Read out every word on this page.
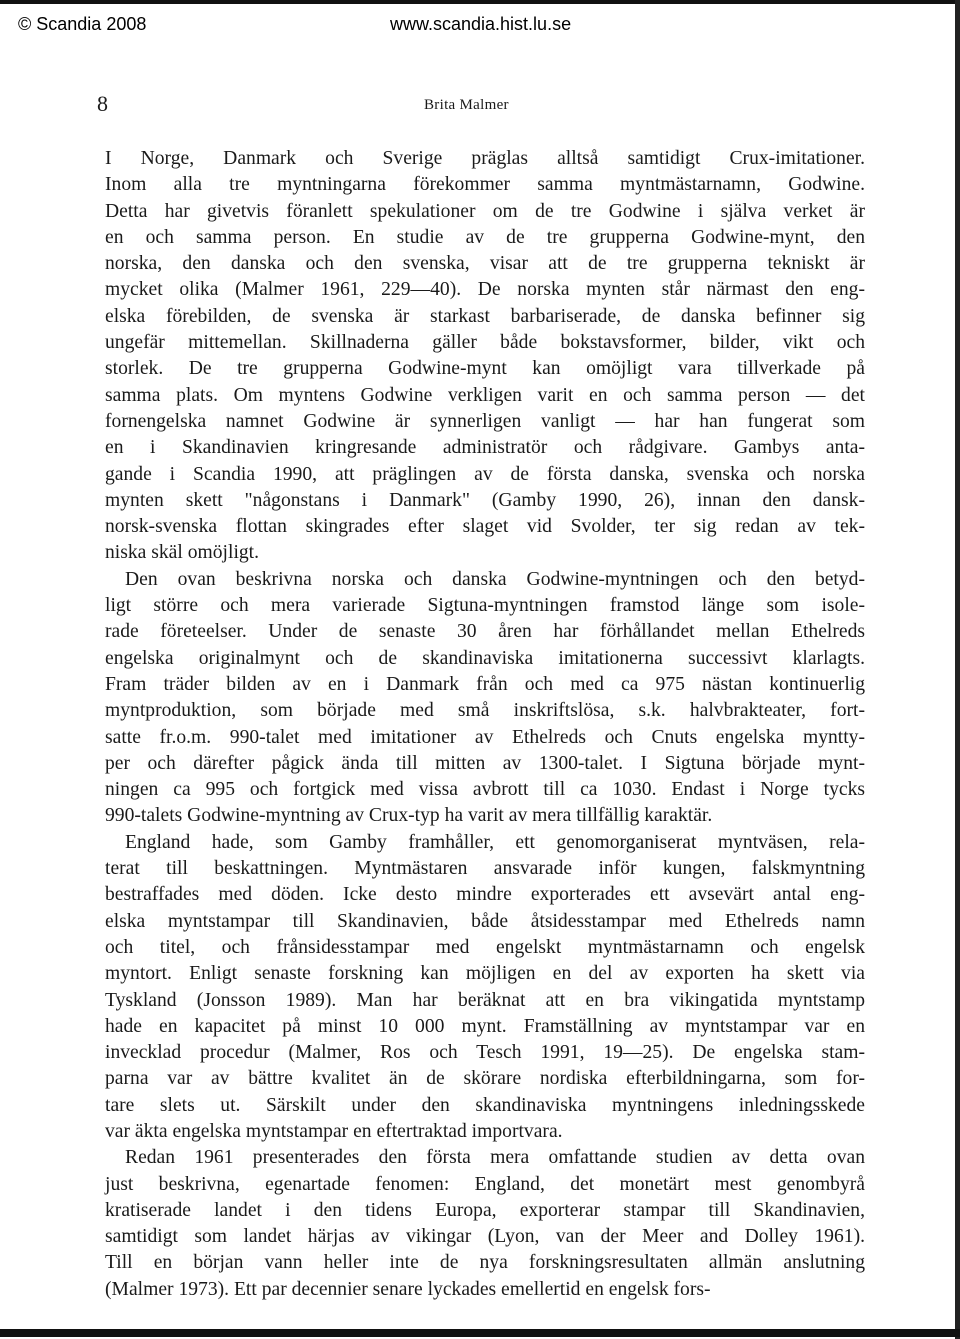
© Scandia 2008	www.scandia.hist.lu.se
8	Brita Malmer
I Norge, Danmark och Sverige präglas alltså samtidigt Crux-imitationer.
Inom alla tre myntningarna förekommer samma myntmästarnamn, Godwine.
Detta har givetvis föranlett spekulationer om de tre Godwine i själva verket är
en och samma person. En studie av de tre grupperna Godwine-mynt, den
norska, den danska och den svenska, visar att de tre grupperna tekniskt är
mycket olika (Malmer 1961, 229—40). De norska mynten står närmast den eng-
elska förebilden, de svenska är starkast barbariserade, de danska befinner sig
ungefär mittemellan. Skillnaderna gäller både bokstavsformer, bilder, vikt och
storlek. De tre grupperna Godwine-mynt kan omöjligt vara tillverkade på
samma plats. Om myntens Godwine verkligen varit en och samma person — det
fornengelska namnet Godwine är synnerligen vanligt — har han fungerat som
en i Skandinavien kringresande administratör och rådgivare. Gambys anta-
gande i Scandia 1990, att präglingen av de första danska, svenska och norska
mynten skett "någonstans i Danmark" (Gamby 1990, 26), innan den dansk-
norsk-svenska flottan skingrades efter slaget vid Svolder, ter sig redan av tek-
niska skäl omöjligt.
Den ovan beskrivna norska och danska Godwine-myntningen och den betyd-
ligt större och mera varierade Sigtuna-myntningen framstod länge som isole-
rade företeelser. Under de senaste 30 åren har förhållandet mellan Ethelreds
engelska originalmynt och de skandinaviska imitationerna successivt klarlagts.
Fram träder bilden av en i Danmark från och med ca 975 nästan kontinuerlig
myntproduktion, som började med små inskriftslösa, s.k. halvbrakteater, fort-
satte fr.o.m. 990-talet med imitationer av Ethelreds och Cnuts engelska myntty-
per och därefter pågick ända till mitten av 1300-talet. I Sigtuna började mynt-
ningen ca 995 och fortgick med vissa avbrott till ca 1030. Endast i Norge tycks
990-talets Godwine-myntning av Crux-typ ha varit av mera tillfällig karaktär.
England hade, som Gamby framhåller, ett genomorganiserat myntväsen, rela-
terat till beskattningen. Myntmästaren ansvarade inför kungen, falskmyntning
bestraffades med döden. Icke desto mindre exporterades ett avsevärt antal eng-
elska myntstampar till Skandinavien, både åtsidesstampar med Ethelreds namn
och titel, och frånsidesstampar med engelskt myntmästarnamn och engelsk
myntort. Enligt senaste forskning kan möjligen en del av exporten ha skett via
Tyskland (Jonsson 1989). Man har beräknat att en bra vikingatida myntstamp
hade en kapacitet på minst 10 000 mynt. Framställning av myntstampar var en
invecklad procedur (Malmer, Ros och Tesch 1991, 19—25). De engelska stam-
parna var av bättre kvalitet än de skörare nordiska efterbildningarna, som for-
tare slets ut. Särskilt under den skandinaviska myntningens inledningsskede
var äkta engelska myntstampar en eftertraktad importvara.
Redan 1961 presenterades den första mera omfattande studien av detta ovan
just beskrivna, egenartade fenomen: England, det monetärt mest genombyrå
kratiserade landet i den tidens Europa, exporterar stampar till Skandinavien,
samtidigt som landet härjas av vikingar (Lyon, van der Meer and Dolley 1961).
Till en början vann heller inte de nya forskningsresultaten allmän anslutning
(Malmer 1973). Ett par decennier senare lyckades emellertid en engelsk fors-
